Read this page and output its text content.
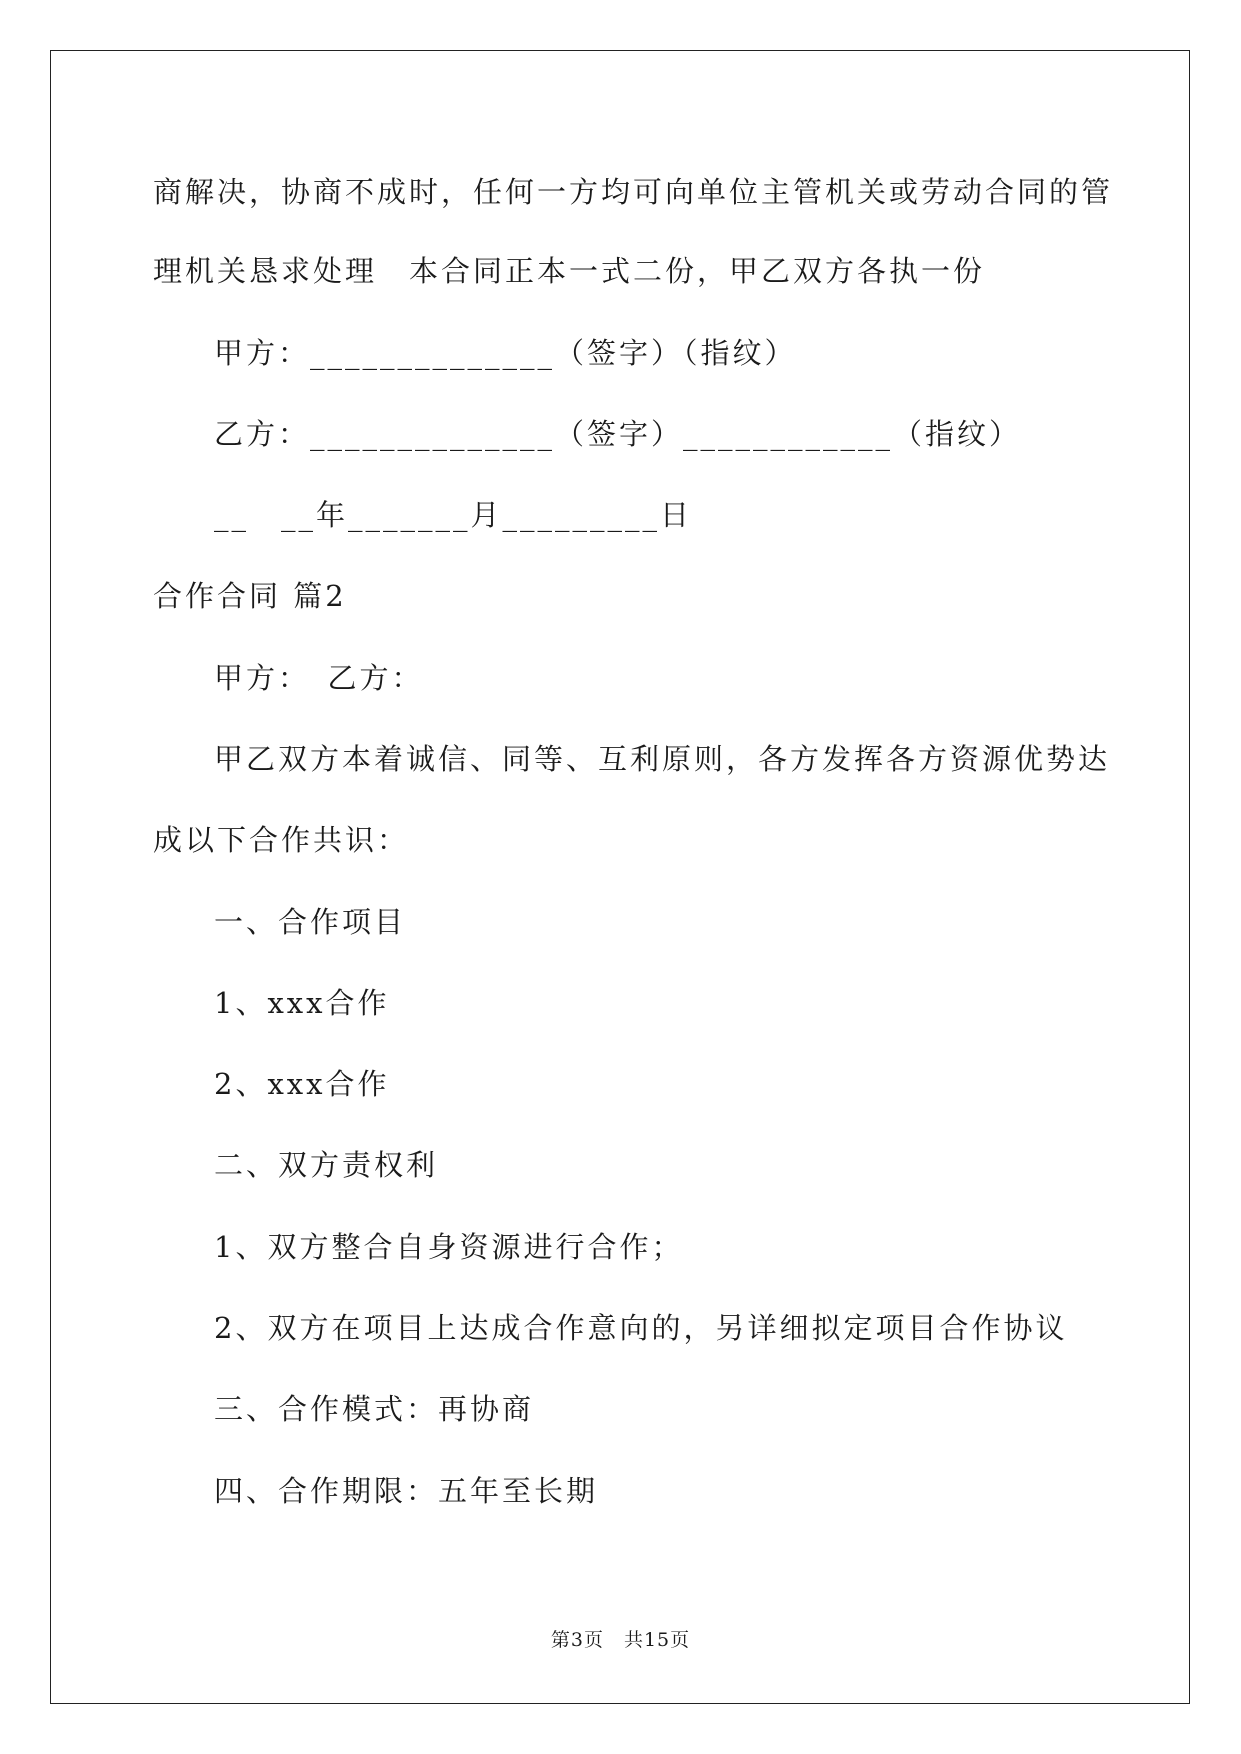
商解决，协商不成时，任何一方均可向单位主管机关或劳动合同的管
理机关恳求处理　本合同正本一式二份，甲乙双方各执一份
甲方：______________（签字）（指纹）
乙方：______________（签字）____________（指纹）
__　__年_______月_________日
合作合同 篇2
甲方：　乙方：
甲乙双方本着诚信、同等、互利原则，各方发挥各方资源优势达
成以下合作共识：
一、合作项目
1、xxx合作
2、xxx合作
二、双方责权利
1、双方整合自身资源进行合作；
2、双方在项目上达成合作意向的，另详细拟定项目合作协议
三、合作模式：再协商
四、合作期限：五年至长期
第3页　共15页
